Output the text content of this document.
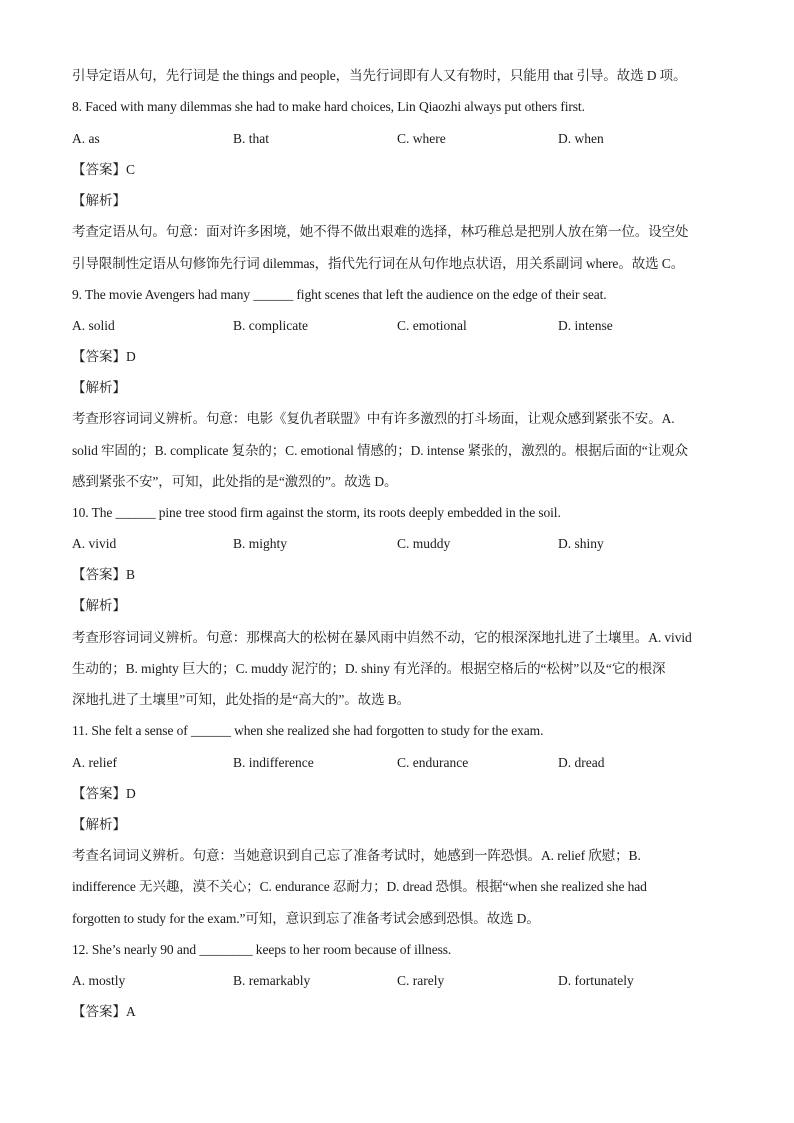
引导定语从句，先行词是 the things and people，当先行词即有人又有物时，只能用 that 引导。故选 D 项。
8. Faced with many dilemmas she had to make hard choices, Lin Qiaozhi always put others first.
A. as	B. that	C. where	D. when
【答案】C
【解析】
考查定语从句。句意：面对许多困境，她不得不做出艰难的选择，林巧稚总是把别人放在第一位。设空处
引导限制性定语从句修饰先行词 dilemmas，指代先行词在从句作地点状语，用关系副词 where。故选 C。
9. The movie Avengers had many ______ fight scenes that left the audience on the edge of their seat.
A. solid	B. complicate	C. emotional	D. intense
【答案】D
【解析】
考查形容词词义辨析。句意：电影《复仇者联盟》中有许多激烈的打斗场面，让观众感到紧张不安。A.
solid 牢固的；B. complicate 复杂的；C. emotional 情感的；D. intense 紧张的，激烈的。根据后面的“让观众
感到紧张不安”，可知，此处指的是“激烈的”。故选 D。
10. The ______ pine tree stood firm against the storm, its roots deeply embedded in the soil.
A. vivid	B. mighty	C. muddy	D. shiny
【答案】B
【解析】
考查形容词词义辨析。句意：那棵高大的松树在暴风雨中岿然不动，它的根深深地扎进了土壤里。A. vivid
生动的；B. mighty 巨大的；C. muddy 泥泞的；D. shiny 有光泽的。根据空格后的“松树”以及“它的根深
深地扎进了土壤里”可知，此处指的是“高大的”。故选 B。
11. She felt a sense of ______ when she realized she had forgotten to study for the exam.
A. relief	B. indifference	C. endurance	D. dread
【答案】D
【解析】
考查名词词义辨析。句意：当她意识到自己忘了准备考试时，她感到一阵恐惧。A. relief 欣慰；B.
indifference 无兴趣，漠不关心；C. endurance 忍耐力；D. dread 恐惧。根据“when she realized she had
forgotten to study for the exam.”可知，意识到忘了准备考试会感到恐惧。故选 D。
12. She’s nearly 90 and ________ keeps to her room because of illness.
A. mostly	B. remarkably	C. rarely	D. fortunately
【答案】A
